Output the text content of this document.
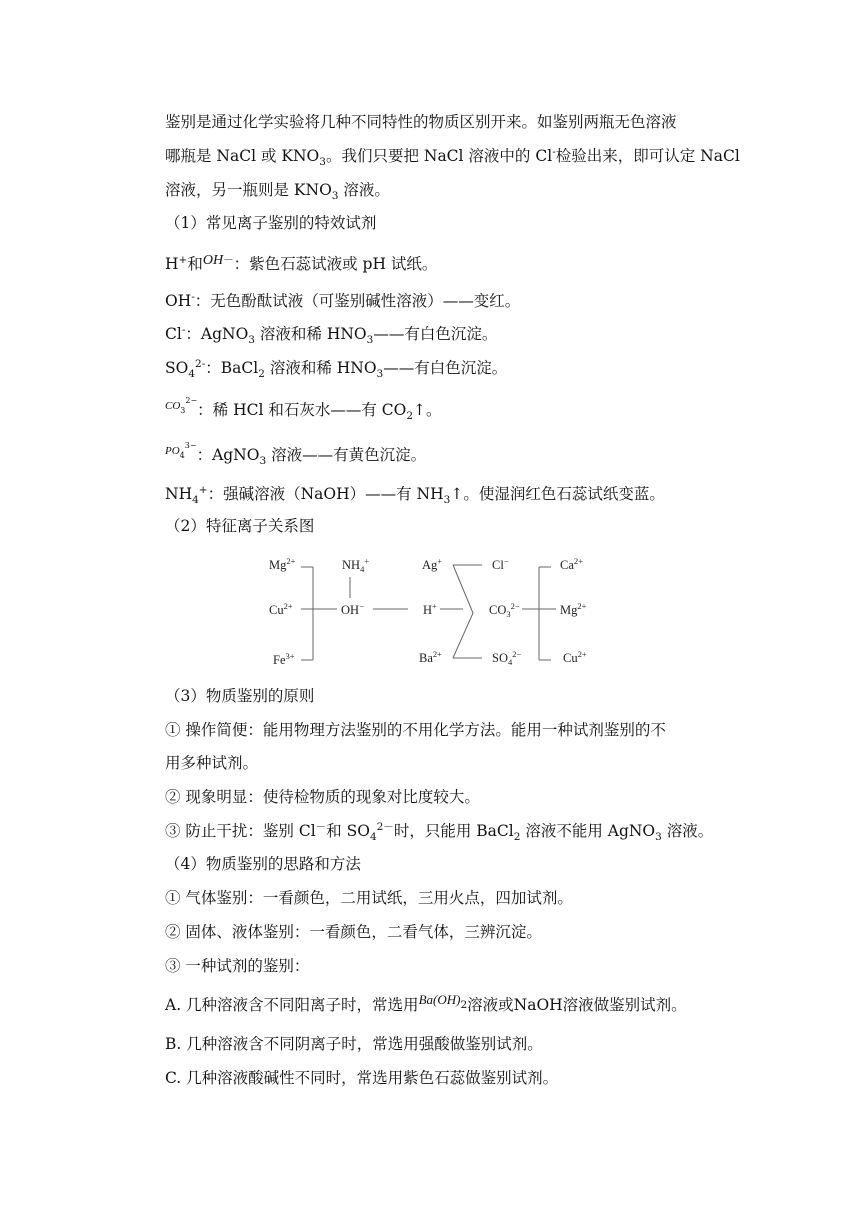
鉴别是通过化学实验将几种不同特性的物质区别开来。如鉴别两瓶无色溶液
哪瓶是 NaCl 或 $KNO_3$。我们只要把 NaCl 溶液中的 Cl-检验出来，即可认定 NaCl
溶液，另一瓶则是 $KNO_3$ 溶液。
（1）常见离子鉴别的特效试剂
H+和OH－：紫色石蕊试液或 pH 试纸。
OH-：无色酚酞试液（可鉴别碱性溶液）——变红。
Cl-：AgNO$_3$ 溶液和稀 $HNO_3——$有白色沉淀。
$SO_4^{2-}$：BaCl$_2$ 溶液和稀 $HNO_3——$有白色沉淀。
$^{CO}3^{2-}$：稀 HCl 和石灰水——有 $CO_2↑$。
$^{PO}4^{3-}$：AgNO$_3$ 溶液——有黄色沉淀。
$NH_4^+$：强碱溶液（NaOH）——有 $NH_3↑$。使湿润红色石蕊试纸变蓝。
（2）特征离子关系图
$Mg^{2+}$
$Cu^{2+}$
$Fe^{3+}$
$NH_4^+$
OH−
Ag+
H+
$Ba^{2+}$
Cl−
$CO_3^{2-}$
$SO_4^{2-}$
$Ca^{2+}$
$Mg^{2+}$
$Cu^{2+}$
（3）物质鉴别的原则
① 操作简便：能用物理方法鉴别的不用化学方法。能用一种试剂鉴别的不
用多种试剂。
② 现象明显：使待检物质的现象对比度较大。
③ 防止干扰：鉴别 Cl－和 $SO_4^{2-}$时，只能用 BaCl$_2$ 溶液不能用 AgNO$_3$ 溶液。
（4）物质鉴别的思路和方法
① 气体鉴别：一看颜色，二用试纸，三用火点，四加试剂。
② 固体、液体鉴别：一看颜色，二看气体，三辨沉淀。
③ 一种试剂的鉴别：
A. 几种溶液含不同阳离子时，常选用$^{Ba(OH)}$2溶液或NaOH溶液做鉴别试剂。
B. 几种溶液含不同阴离子时，常选用强酸做鉴别试剂。
C. 几种溶液酸碱性不同时，常选用紫色石蕊做鉴别试剂。
